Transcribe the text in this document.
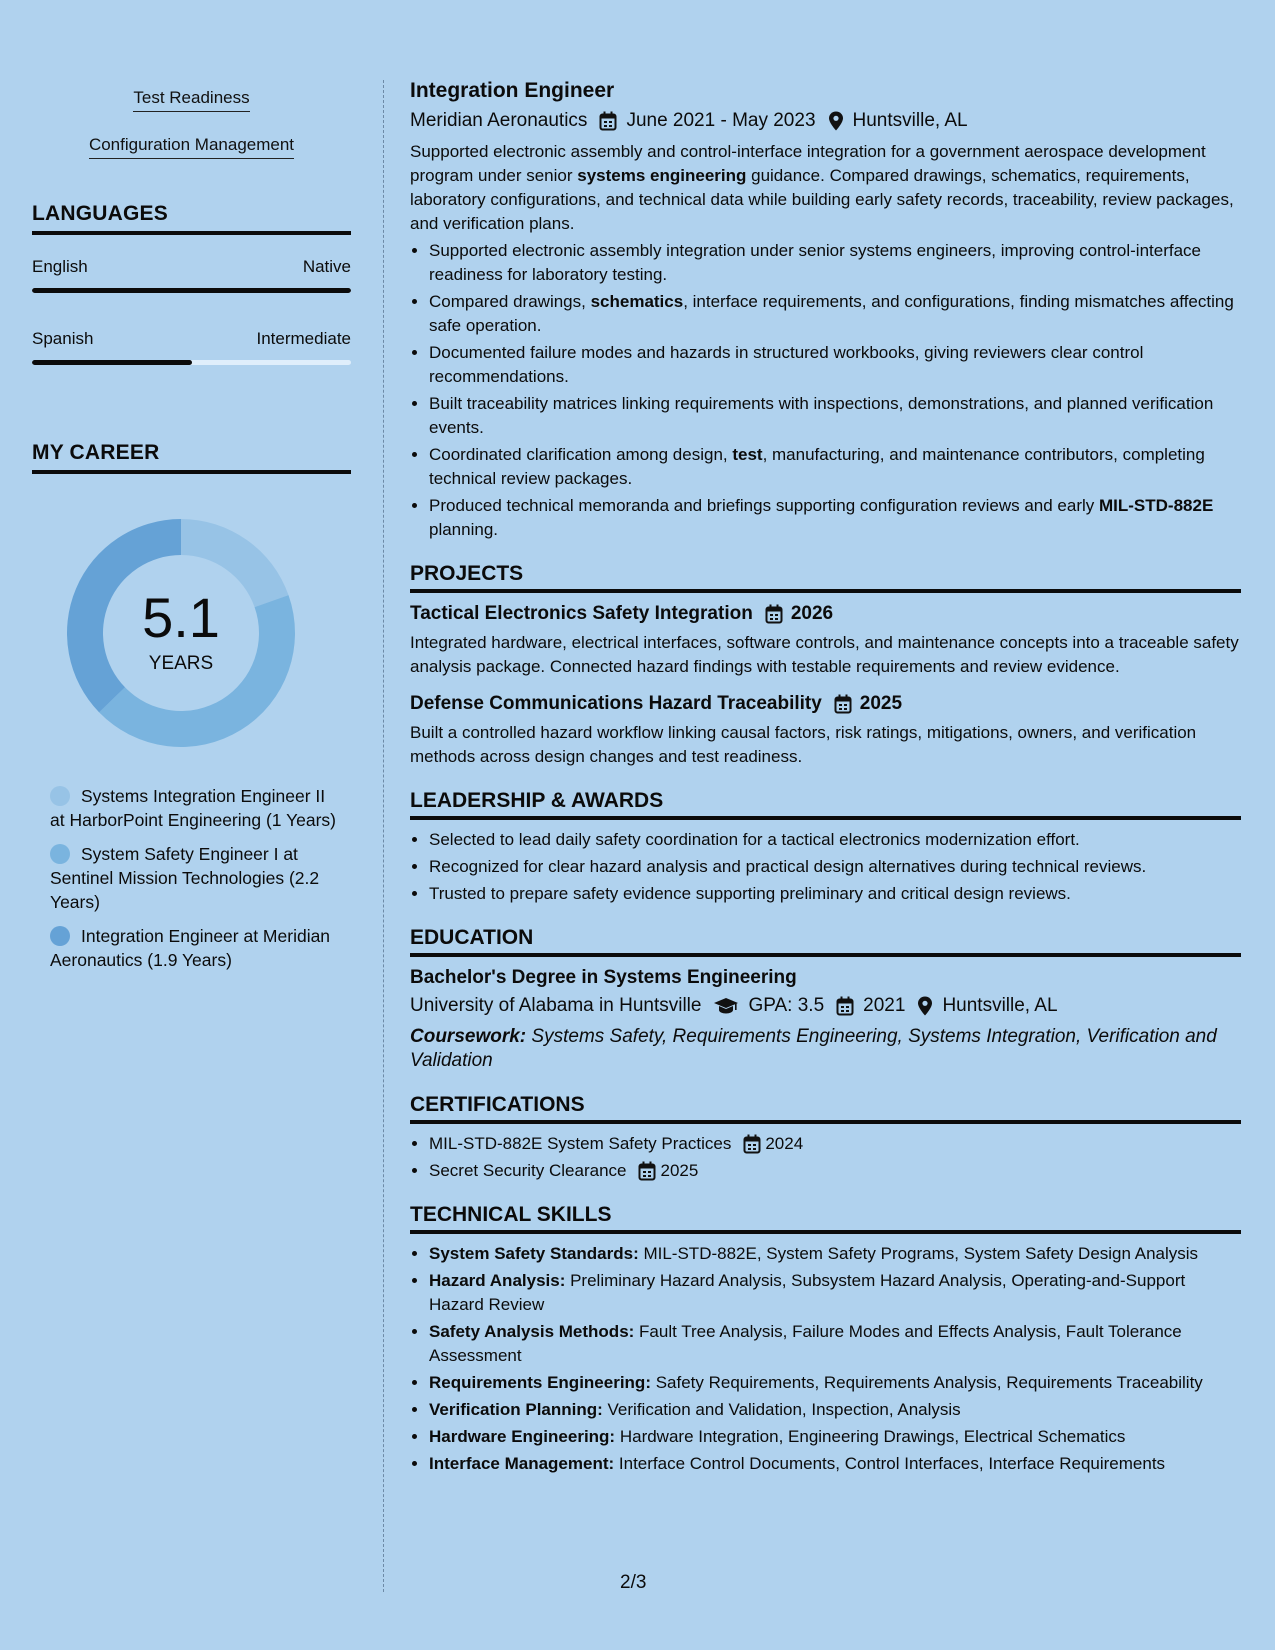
Test Readiness
Configuration Management
LANGUAGES
English	Native
Spanish	Intermediate
MY CAREER
5.1
YEARS
Systems Integration Engineer II at HarborPoint Engineering (1 Years)
System Safety Engineer I at Sentinel Mission Technologies (2.2 Years)
Integration Engineer at Meridian Aeronautics (1.9 Years)
Integration Engineer
Meridian Aeronautics June 2021 - May 2023 Huntsville, AL
Supported electronic assembly and control-interface integration for a government aerospace development program under senior systems engineering guidance. Compared drawings, schematics, requirements, laboratory configurations, and technical data while building early safety records, traceability, review packages, and verification plans.
• Supported electronic assembly integration under senior systems engineers, improving control-interface readiness for laboratory testing.
• Compared drawings, schematics, interface requirements, and configurations, finding mismatches affecting safe operation.
• Documented failure modes and hazards in structured workbooks, giving reviewers clear control recommendations.
• Built traceability matrices linking requirements with inspections, demonstrations, and planned verification events.
• Coordinated clarification among design, test, manufacturing, and maintenance contributors, completing technical review packages.
• Produced technical memoranda and briefings supporting configuration reviews and early MIL-STD-882E planning.
PROJECTS
Tactical Electronics Safety Integration 2026
Integrated hardware, electrical interfaces, software controls, and maintenance concepts into a traceable safety analysis package. Connected hazard findings with testable requirements and review evidence.
Defense Communications Hazard Traceability 2025
Built a controlled hazard workflow linking causal factors, risk ratings, mitigations, owners, and verification methods across design changes and test readiness.
LEADERSHIP & AWARDS
• Selected to lead daily safety coordination for a tactical electronics modernization effort.
• Recognized for clear hazard analysis and practical design alternatives during technical reviews.
• Trusted to prepare safety evidence supporting preliminary and critical design reviews.
EDUCATION
Bachelor's Degree in Systems Engineering
University of Alabama in Huntsville GPA: 3.5 2021 Huntsville, AL
Coursework: Systems Safety, Requirements Engineering, Systems Integration, Verification and Validation
CERTIFICATIONS
• MIL-STD-882E System Safety Practices 2024
• Secret Security Clearance 2025
TECHNICAL SKILLS
• System Safety Standards: MIL-STD-882E, System Safety Programs, System Safety Design Analysis
• Hazard Analysis: Preliminary Hazard Analysis, Subsystem Hazard Analysis, Operating-and-Support Hazard Review
• Safety Analysis Methods: Fault Tree Analysis, Failure Modes and Effects Analysis, Fault Tolerance Assessment
• Requirements Engineering: Safety Requirements, Requirements Analysis, Requirements Traceability
• Verification Planning: Verification and Validation, Inspection, Analysis
• Hardware Engineering: Hardware Integration, Engineering Drawings, Electrical Schematics
• Interface Management: Interface Control Documents, Control Interfaces, Interface Requirements
2/3
